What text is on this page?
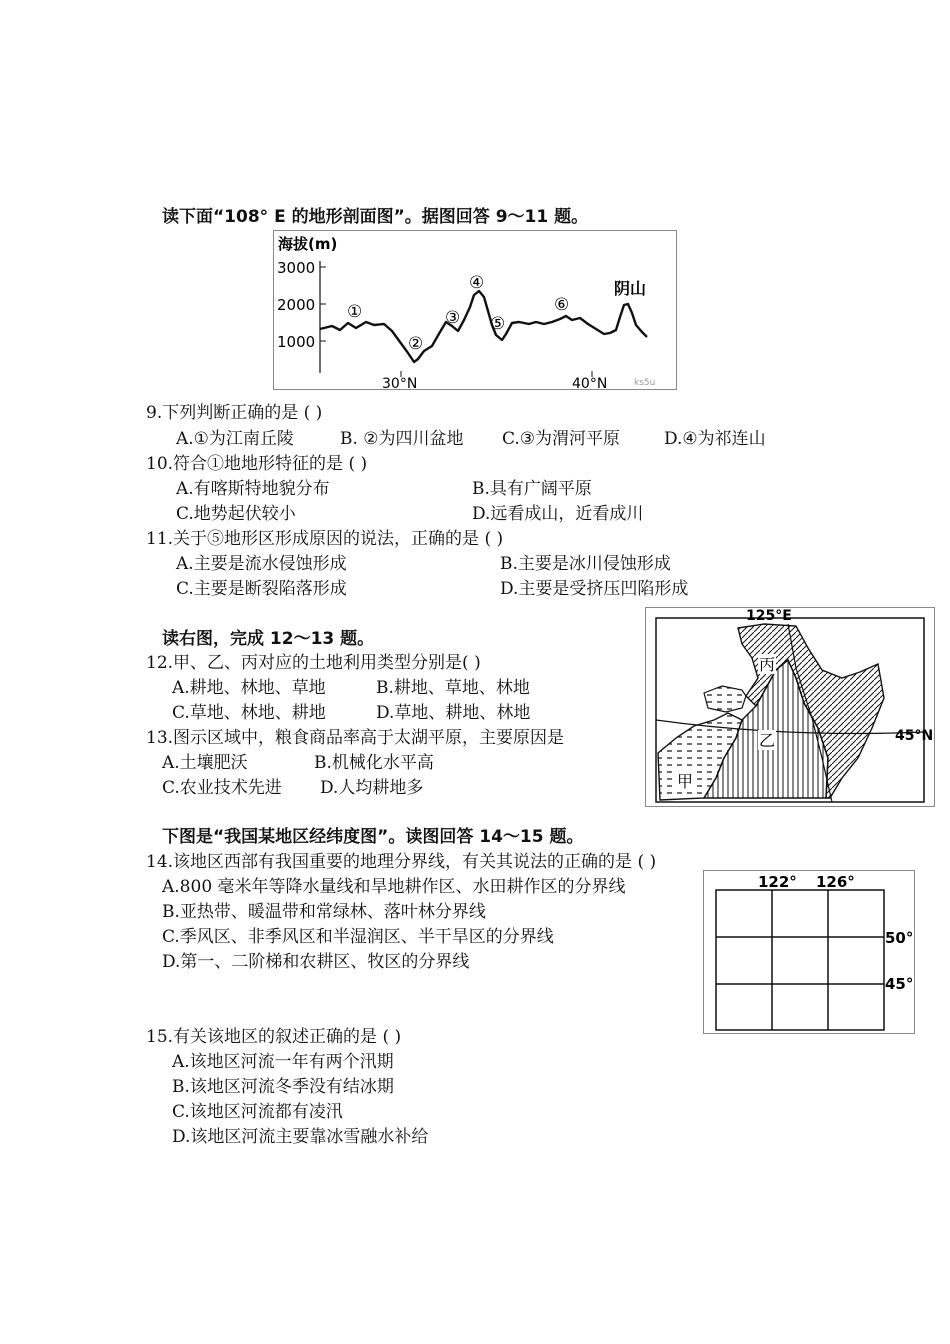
读下面“108° E 的地形剖面图”。据图回答 9～11 题。
海拔(m)
3000
2000
1000
30°N	40°N
①
②
③
④
⑤
⑥
阴山
ks5u
9.下列判断正确的是 ( )
A.①为江南丘陵	B. ②为四川盆地 C.③为渭河平原	D.④为祁连山
10.符合①地地形特征的是 ( )
A.有喀斯特地貌分布	B.具有广阔平原
C.地势起伏较小	D.远看成山，近看成川
11.关于⑤地形区形成原因的说法，正确的是 ( )
A.主要是流水侵蚀形成	B.主要是冰川侵蚀形成
C.主要是断裂陷落形成	D.主要是受挤压凹陷形成
读右图，完成 12～13 题。
125°E
45°N
丙
乙
甲
12.甲、乙、丙对应的土地利用类型分别是( )
A.耕地、林地、草地	B.耕地、草地、林地
C.草地、林地、耕地	D.草地、耕地、林地
13.图示区域中，粮食商品率高于太湖平原，主要原因是
A.土壤肥沃	B.机械化水平高
C.农业技术先进 D.人均耕地多
下图是“我国某地区经纬度图”。读图回答 14～15 题。
14.该地区西部有我国重要的地理分界线，有关其说法的正确的是 ( )
A.800 毫米年等降水量线和旱地耕作区、水田耕作区的分界线
B.亚热带、暖温带和常绿林、落叶林分界线
C.季风区、非季风区和半湿润区、半干旱区的分界线
D.第一、二阶梯和农耕区、牧区的分界线
122° 126°
50°
45°
15.有关该地区的叙述正确的是 ( )
A.该地区河流一年有两个汛期
B.该地区河流冬季没有结冰期
C.该地区河流都有凌汛
D.该地区河流主要靠冰雪融水补给
